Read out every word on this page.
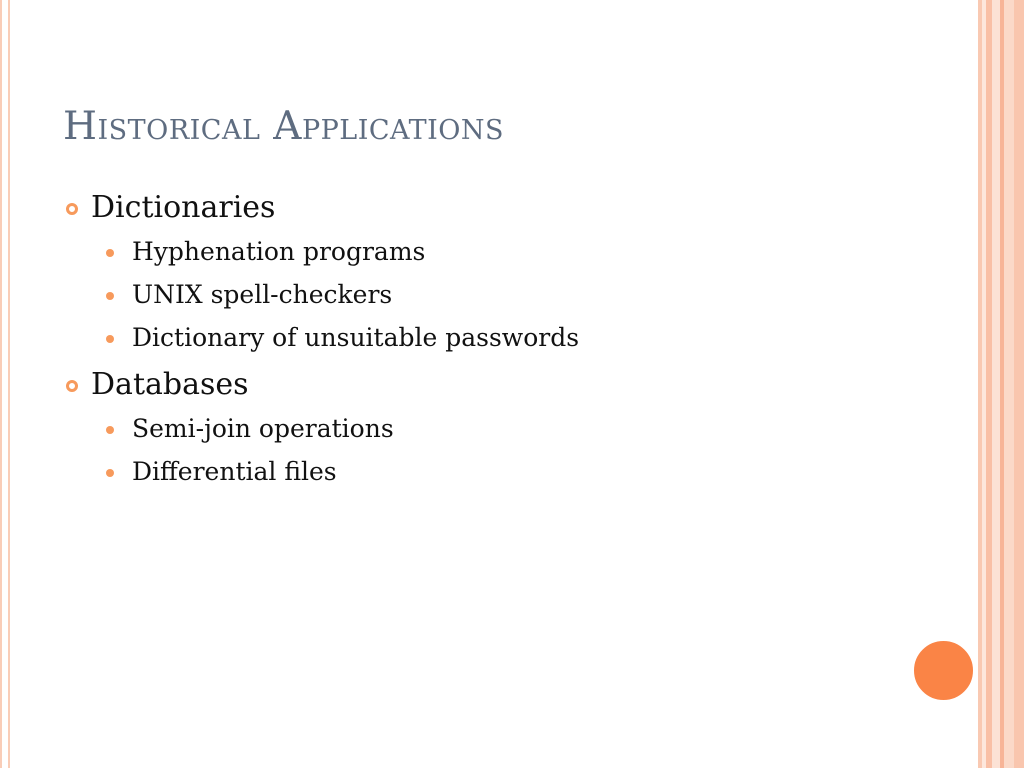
Historical Applications
Dictionaries
Hyphenation programs
UNIX spell-checkers
Dictionary of unsuitable passwords
Databases
Semi-join operations
Differential files
